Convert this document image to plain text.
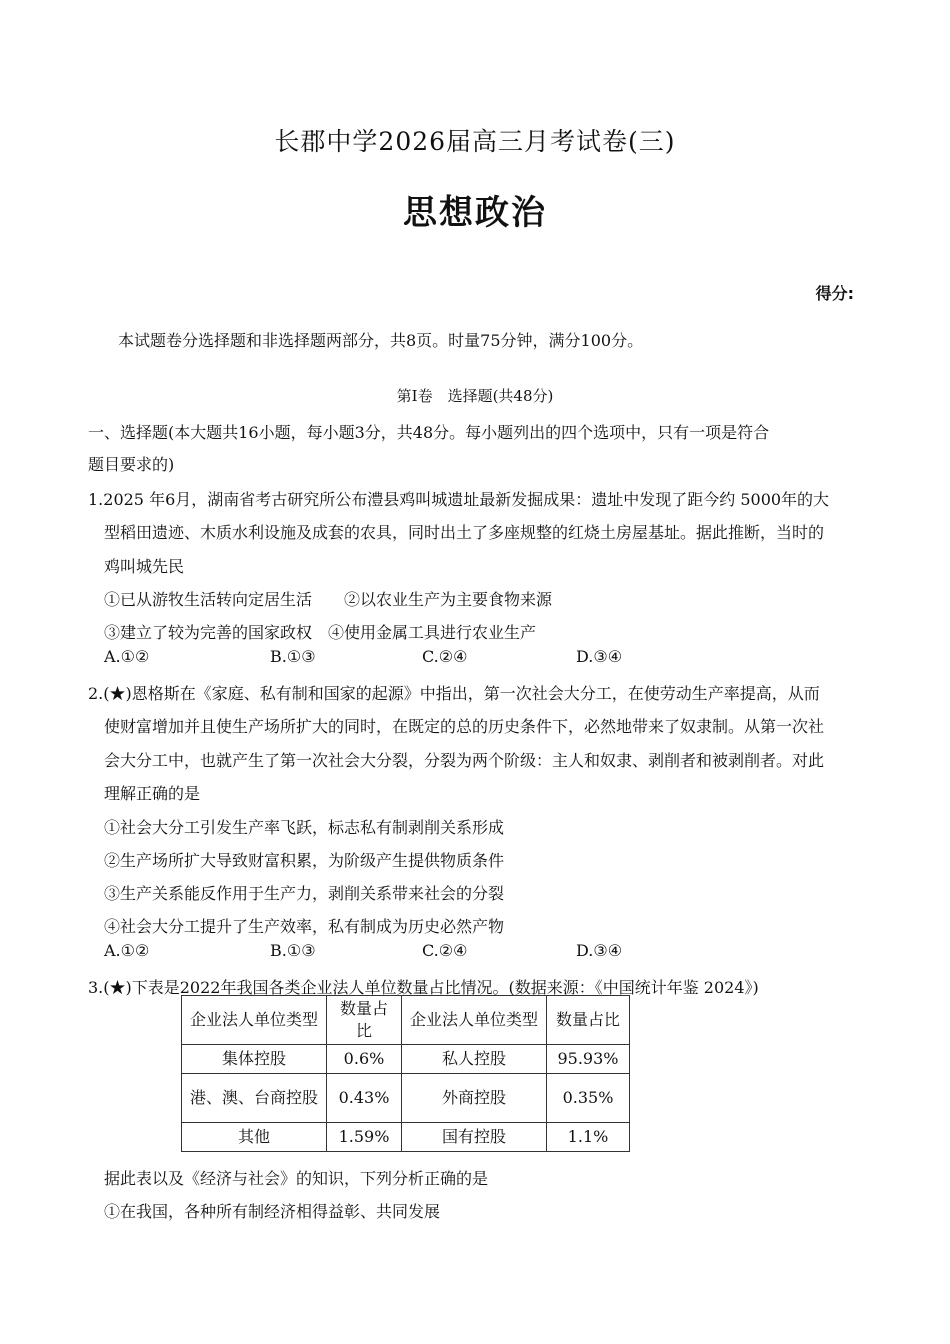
长郡中学2026届高三月考试卷(三)
思想政治
得分:
本试题卷分选择题和非选择题两部分，共8页。时量75分钟，满分100分。
第Ⅰ卷　选择题(共48分)
一、选择题(本大题共16小题，每小题3分，共48分。每小题列出的四个选项中，只有一项是符合
题目要求的)
1.2025 年6月，湖南省考古研究所公布澧县鸡叫城遗址最新发掘成果：遗址中发现了距今约 5000年的大
型稻田遗迹、木质水利设施及成套的农具，同时出土了多座规整的红烧土房屋基址。据此推断，当时的
鸡叫城先民
①已从游牧生活转向定居生活　　②以农业生产为主要食物来源
③建立了较为完善的国家政权　④使用金属工具进行农业生产
A.①②	B.①③	C.②④	D.③④
2.(★)恩格斯在《家庭、私有制和国家的起源》中指出，第一次社会大分工，在使劳动生产率提高，从而
使财富增加并且使生产场所扩大的同时，在既定的总的历史条件下，必然地带来了奴隶制。从第一次社
会大分工中，也就产生了第一次社会大分裂，分裂为两个阶级：主人和奴隶、剥削者和被剥削者。对此
理解正确的是
①社会大分工引发生产率飞跃，标志私有制剥削关系形成
②生产场所扩大导致财富积累，为阶级产生提供物质条件
③生产关系能反作用于生产力，剥削关系带来社会的分裂
④社会大分工提升了生产效率，私有制成为历史必然产物
A.①②	B.①③	C.②④	D.③④
3.(★)下表是2022年我国各类企业法人单位数量占比情况。(数据来源：《中国统计年鉴 2024》)
企业法人单位类型	数量占比	企业法人单位类型	数量占比
集体控股	0.6%	私人控股	95.93%
港、澳、台商控股	0.43%	外商控股	0.35%
其他	1.59%	国有控股	1.1%
据此表以及《经济与社会》的知识，下列分析正确的是
①在我国，各种所有制经济相得益彰、共同发展
